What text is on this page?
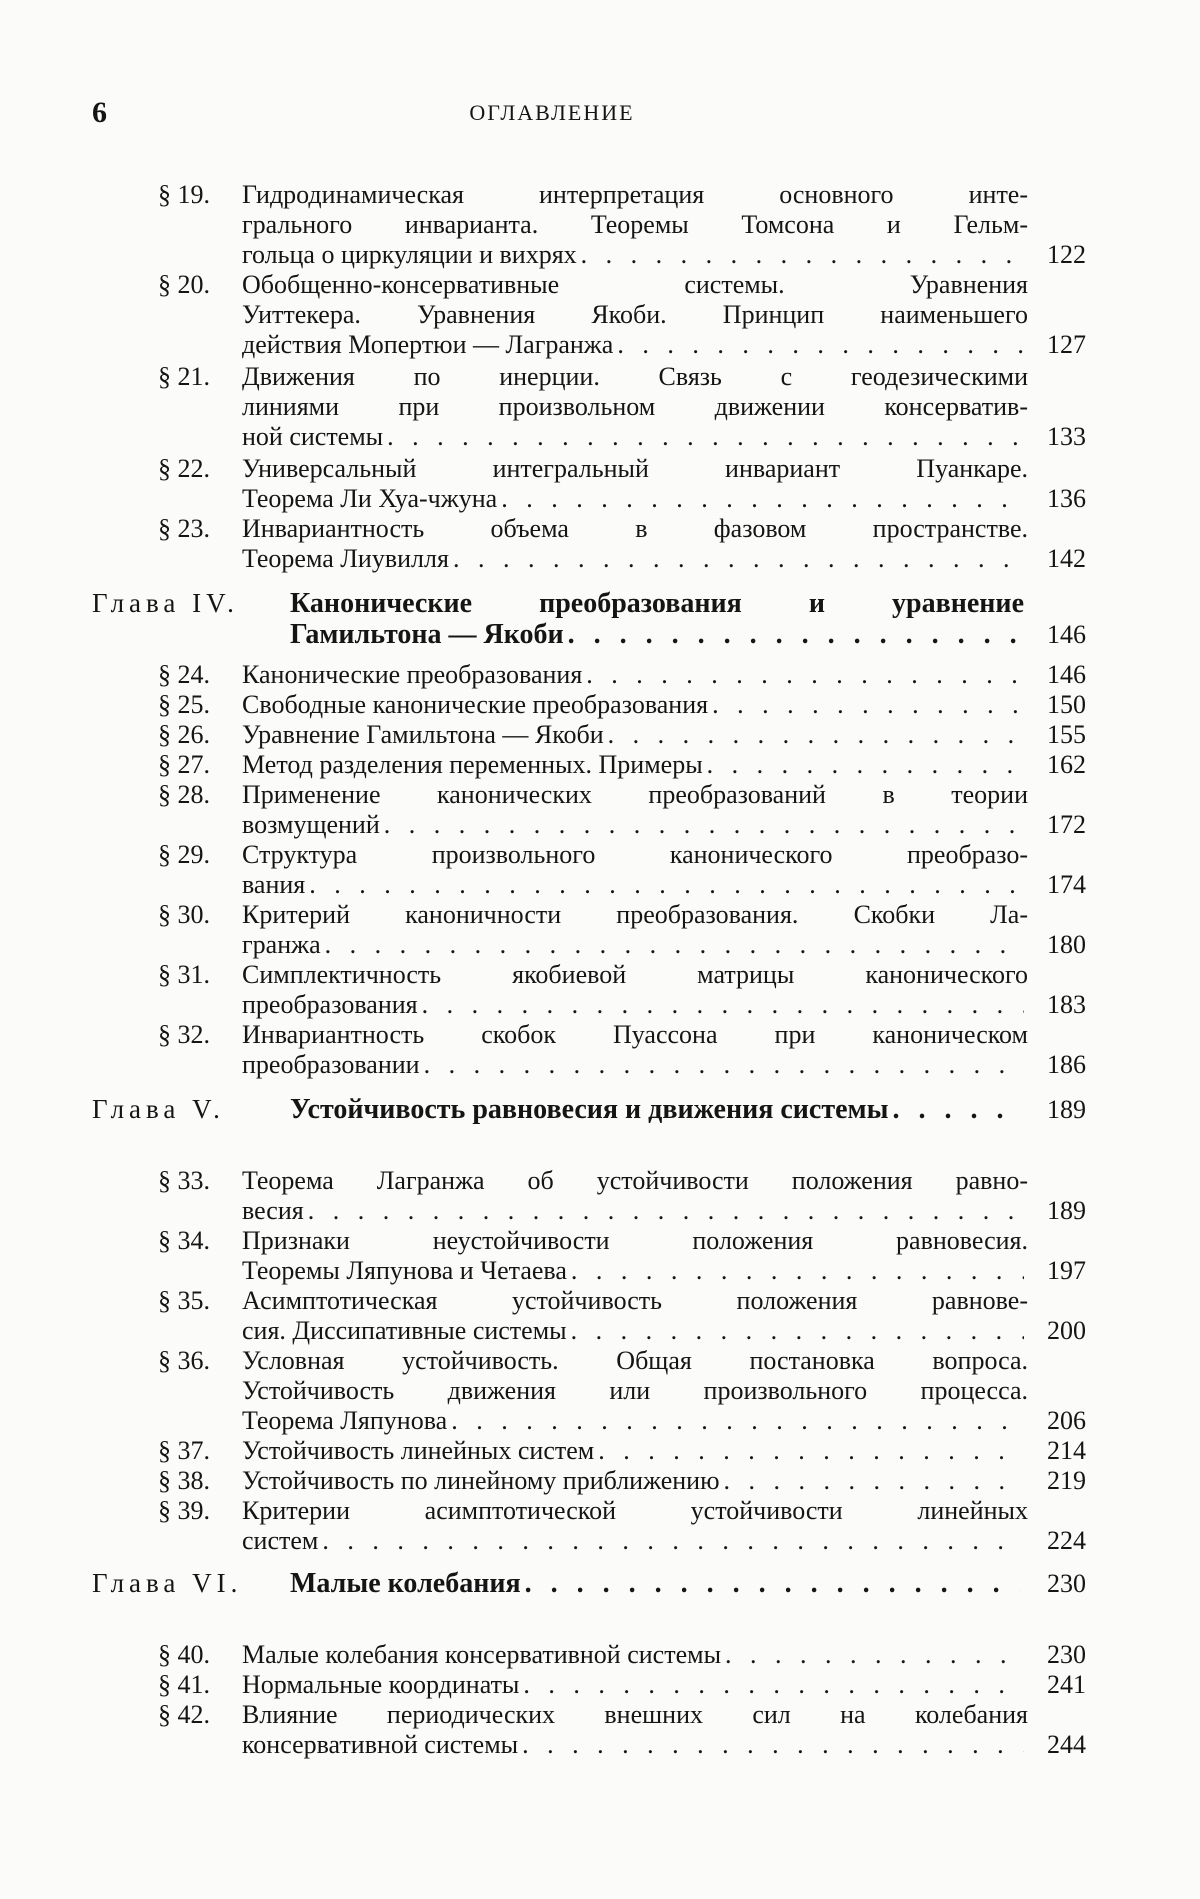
6	ОГЛАВЛЕНИЕ
§ 19.	Гидродинамическая интерпретация основного инте-
грального инварианта. Теоремы Томсона и Гельм-
гольца о циркуляции и вихрях . . .	122
§ 20.	Обобщенно-консервативные системы. Уравнения
Уиттекера. Уравнения Якоби. Принцип наименьшего
действия Мопертюи — Лагранжа . . .	127
§ 21.	Движения по инерции. Связь с геодезическими
линиями при произвольном движении консерватив-
ной системы . . .	133
§ 22.	Универсальный интегральный инвариант Пуанкаре.
Теорема Ли Хуа-чжуна . . .	136
§ 23.	Инвариантность объема в фазовом пространстве.
Теорема Лиувилля . . .	142
Глава IV. Канонические преобразования и уравнение
Гамильтона — Якоби . . .	146
§ 24.	Канонические преобразования . . .	146
§ 25.	Свободные канонические преобразования . . .	150
§ 26.	Уравнение Гамильтона — Якоби . . .	155
§ 27.	Метод разделения переменных. Примеры . . .	162
§ 28.	Применение канонических преобразований в теории
возмущений . . .	172
§ 29.	Структура произвольного канонического преобразо-
вания . . .	174
§ 30.	Критерий каноничности преобразования. Скобки Ла-
гранжа . . .	180
§ 31.	Симплектичность якобиевой матрицы канонического
преобразования . . .	183
§ 32.	Инвариантность скобок Пуассона при каноническом
преобразовании . . .	186
Глава V.	Устойчивость равновесия и движения системы . . .	189
§ 33.	Теорема Лагранжа об устойчивости положения равно-
весия . . .	189
§ 34.	Признаки неустойчивости положения равновесия.
Теоремы Ляпунова и Четаева . . .	197
§ 35.	Асимптотическая устойчивость положения равнове-
сия. Диссипативные системы . . .	200
§ 36.	Условная устойчивость. Общая постановка вопроса.
Устойчивость движения или произвольного процесса.
Теорема Ляпунова . . .	206
§ 37.	Устойчивость линейных систем . . .	214
§ 38.	Устойчивость по линейному приближению . . .	219
§ 39.	Критерии асимптотической устойчивости линейных
систем . . .	224
Глава VI. Малые колебания . . .	230
§ 40.	Малые колебания консервативной системы . . .	230
§ 41.	Нормальные координаты . . .	241
§ 42.	Влияние периодических внешних сил на колебания
консервативной системы . . .	244
